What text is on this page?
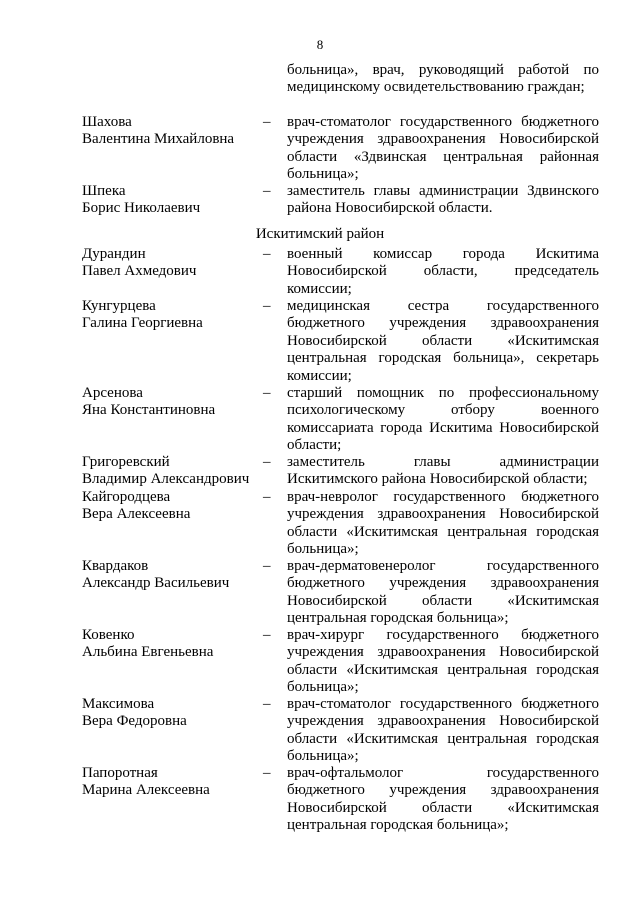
8
больница», врач, руководящий работой по медицинскому освидетельствованию граждан;
Шахова
Валентина Михайловна
–	врач-стоматолог государственного бюджетного учреждения здравоохранения Новосибирской области «Здвинская центральная районная больница»;
Шпека
Борис Николаевич
–	заместитель главы администрации Здвинского района Новосибирской области.
Искитимский район
Дурандин
Павел Ахмедович
–	военный комиссар города Искитима Новосибирской области, председатель комиссии;
Кунгурцева
Галина Георгиевна
–	медицинская сестра государственного бюджетного учреждения здравоохранения Новосибирской области «Искитимская центральная городская больница», секретарь комиссии;
Арсенова
Яна Константиновна
–	старший помощник по профессиональному психологическому отбору военного комиссариата города Искитима Новосибирской области;
Григоревский
Владимир Александрович
–	заместитель главы администрации Искитимского района Новосибирской области;
Кайгородцева
Вера Алексеевна
–	врач-невролог государственного бюджетного учреждения здравоохранения Новосибирской области «Искитимская центральная городская больница»;
Квардаков
Александр Васильевич
–	врач-дерматовенеролог государственного бюджетного учреждения здравоохранения Новосибирской области «Искитимская центральная городская больница»;
Ковенко
Альбина Евгеньевна
–	врач-хирург государственного бюджетного учреждения здравоохранения Новосибирской области «Искитимская центральная городская больница»;
Максимова
Вера Федоровна
–	врач-стоматолог государственного бюджетного учреждения здравоохранения Новосибирской области «Искитимская центральная городская больница»;
Папоротная
Марина Алексеевна
–	врач-офтальмолог государственного бюджетного учреждения здравоохранения Новосибирской области «Искитимская центральная городская больница»;
